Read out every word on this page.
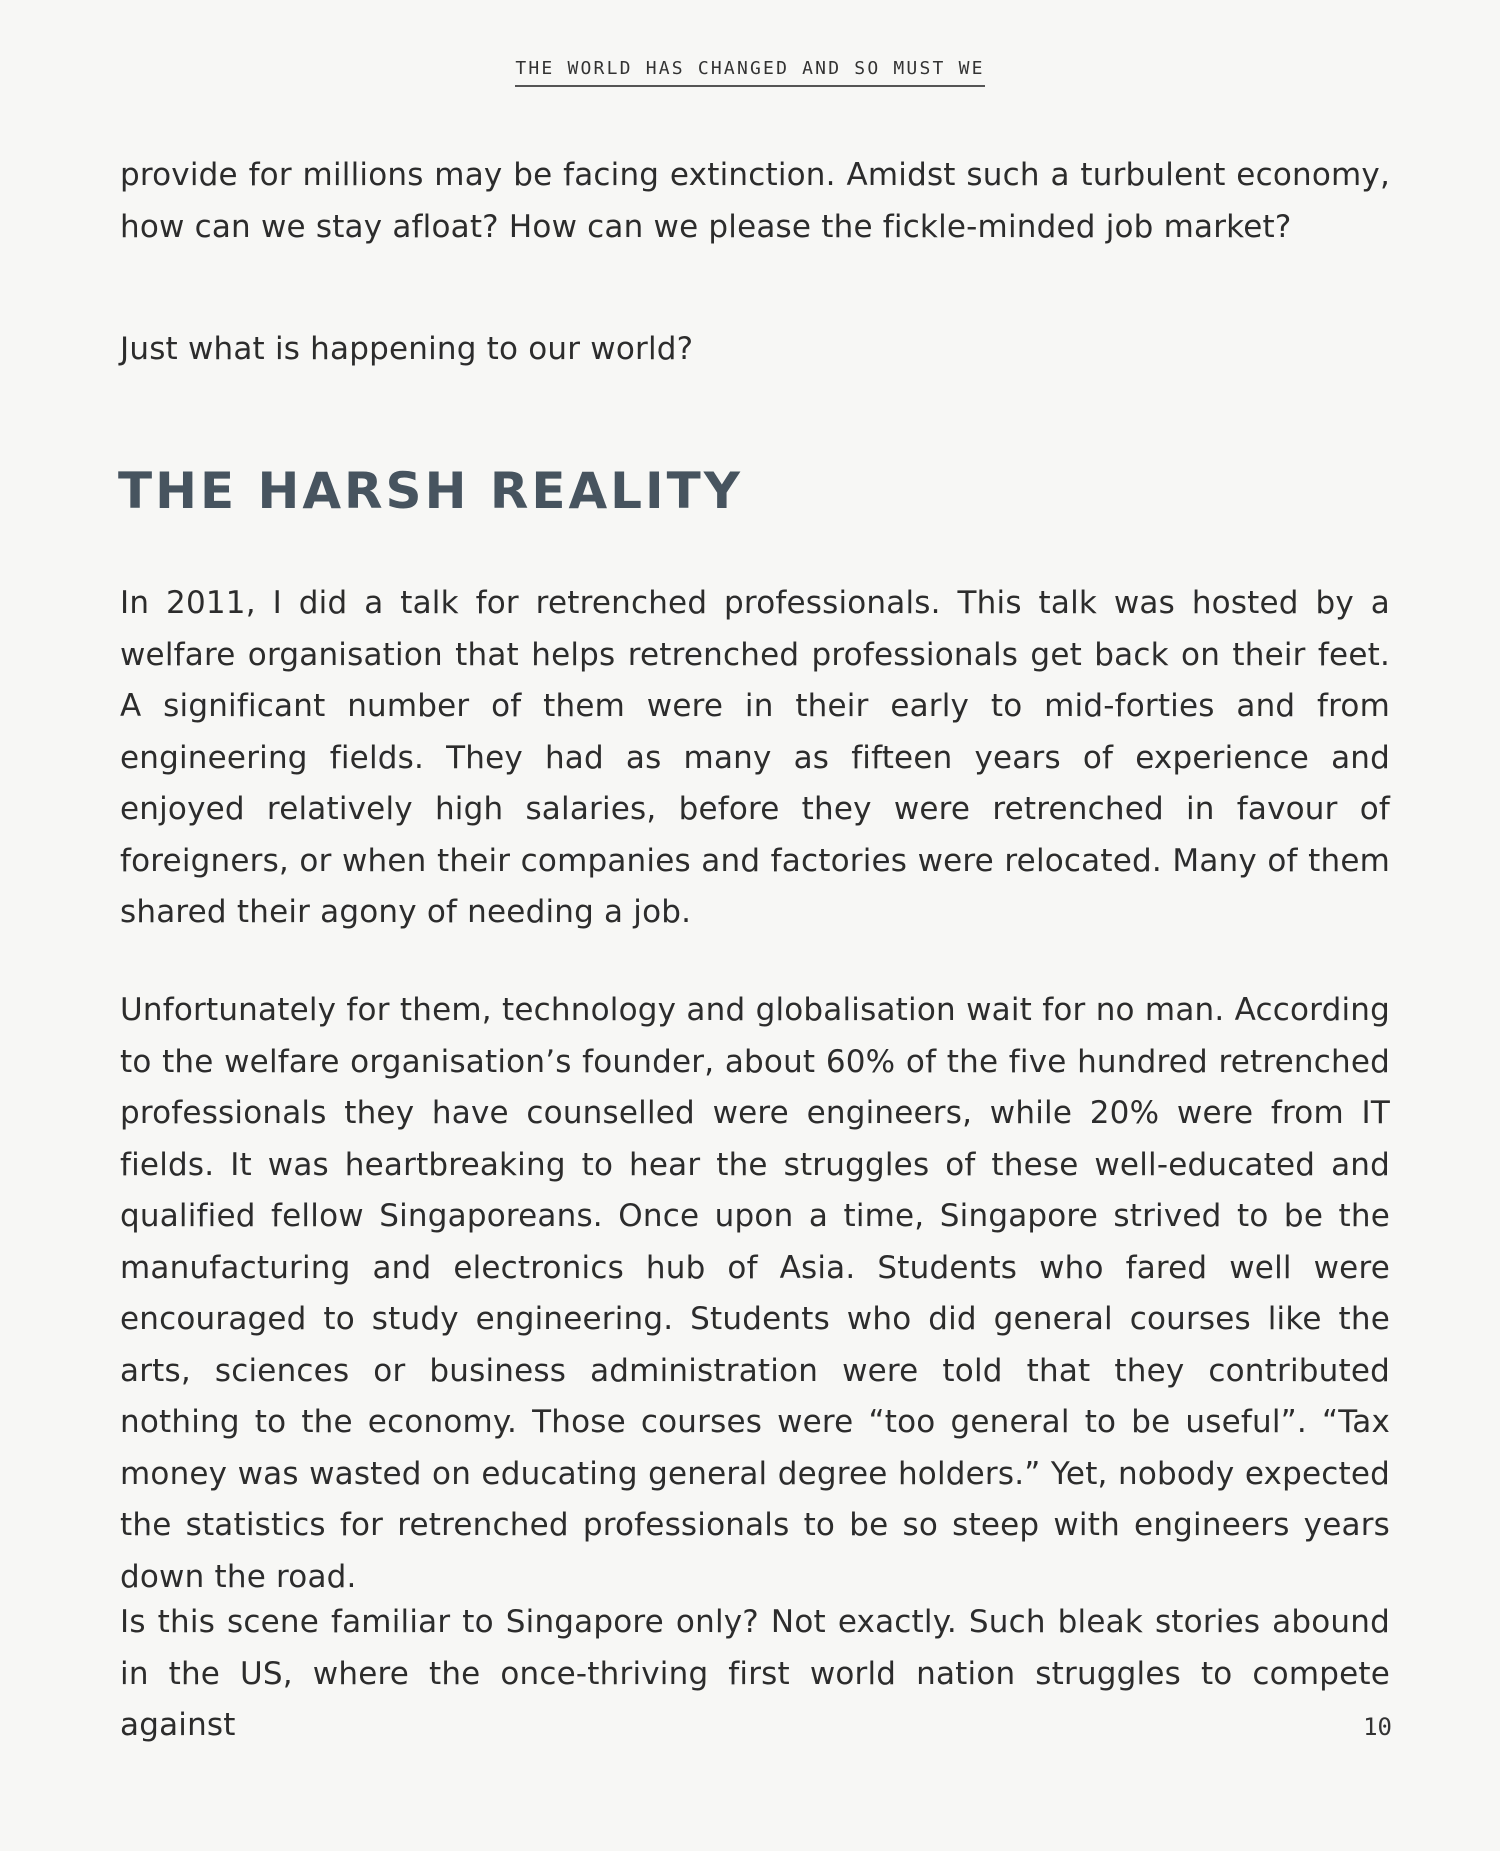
THE WORLD HAS CHANGED AND SO MUST WE

provide for millions may be facing extinction. Amidst such a turbulent economy, how can we stay afloat? How can we please the fickle-minded job market?

Just what is happening to our world?

THE HARSH REALITY

In 2011, I did a talk for retrenched professionals. This talk was hosted by a welfare organisation that helps retrenched professionals get back on their feet. A significant number of them were in their early to mid-forties and from engineering fields. They had as many as fifteen years of experience and enjoyed relatively high salaries, before they were retrenched in favour of foreigners, or when their companies and factories were relocated. Many of them shared their agony of needing a job.

Unfortunately for them, technology and globalisation wait for no man. According to the welfare organisation’s founder, about 60% of the five hundred retrenched professionals they have counselled were engineers, while 20% were from IT fields. It was heartbreaking to hear the struggles of these well-educated and qualified fellow Singaporeans. Once upon a time, Singapore strived to be the manufacturing and electronics hub of Asia. Students who fared well were encouraged to study engineering. Students who did general courses like the arts, sciences or business administration were told that they contributed nothing to the economy. Those courses were “too general to be useful”. “Tax money was wasted on educating general degree holders.” Yet, nobody expected the statistics for retrenched professionals to be so steep with engineers years down the road.

Is this scene familiar to Singapore only? Not exactly. Such bleak stories abound in the US, where the once-thriving first world nation struggles to compete against	10
